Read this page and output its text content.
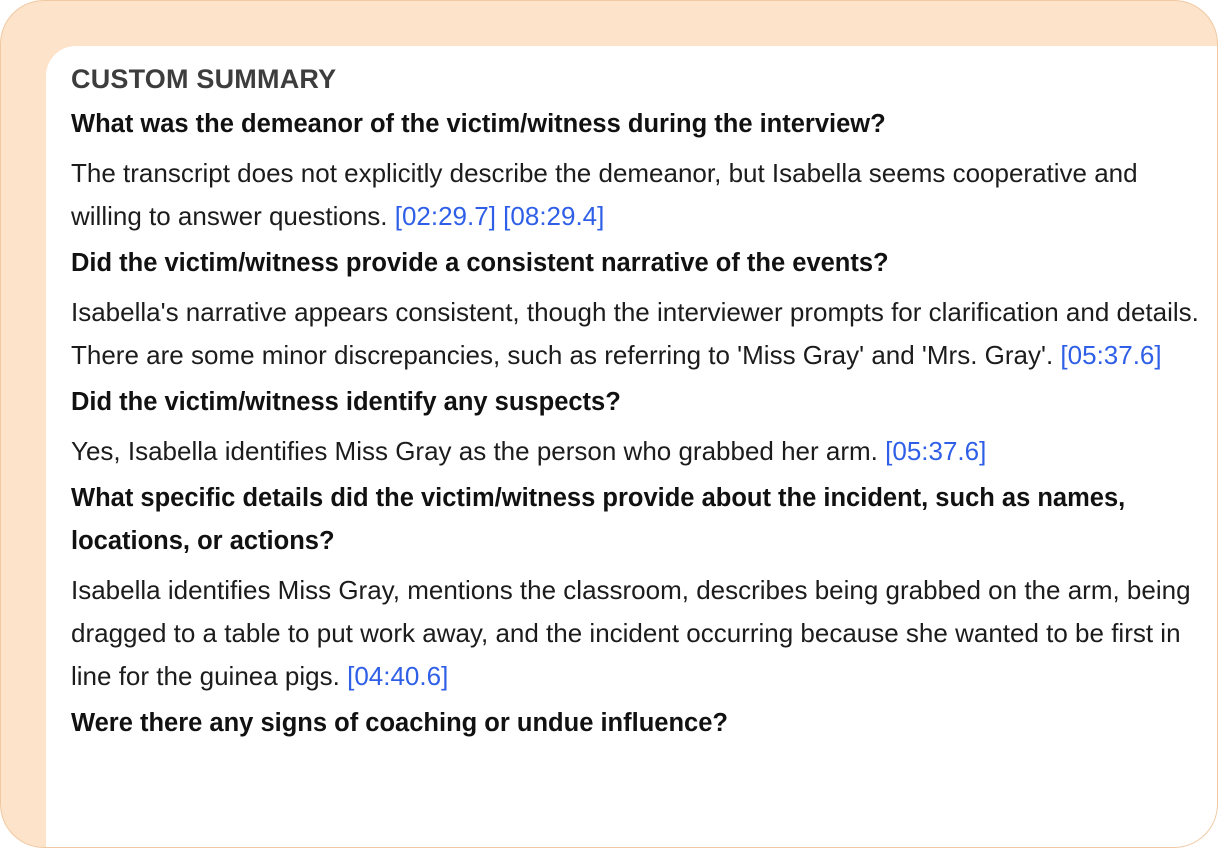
CUSTOM SUMMARY
What was the demeanor of the victim/witness during the interview?
The transcript does not explicitly describe the demeanor, but Isabella seems cooperative and willing to answer questions. [02:29.7] [08:29.4]
Did the victim/witness provide a consistent narrative of the events?
Isabella's narrative appears consistent, though the interviewer prompts for clarification and details. There are some minor discrepancies, such as referring to 'Miss Gray' and 'Mrs. Gray'. [05:37.6]
Did the victim/witness identify any suspects?
Yes, Isabella identifies Miss Gray as the person who grabbed her arm. [05:37.6]
What specific details did the victim/witness provide about the incident, such as names, locations, or actions?
Isabella identifies Miss Gray, mentions the classroom, describes being grabbed on the arm, being dragged to a table to put work away, and the incident occurring because she wanted to be first in line for the guinea pigs. [04:40.6]
Were there any signs of coaching or undue influence?
